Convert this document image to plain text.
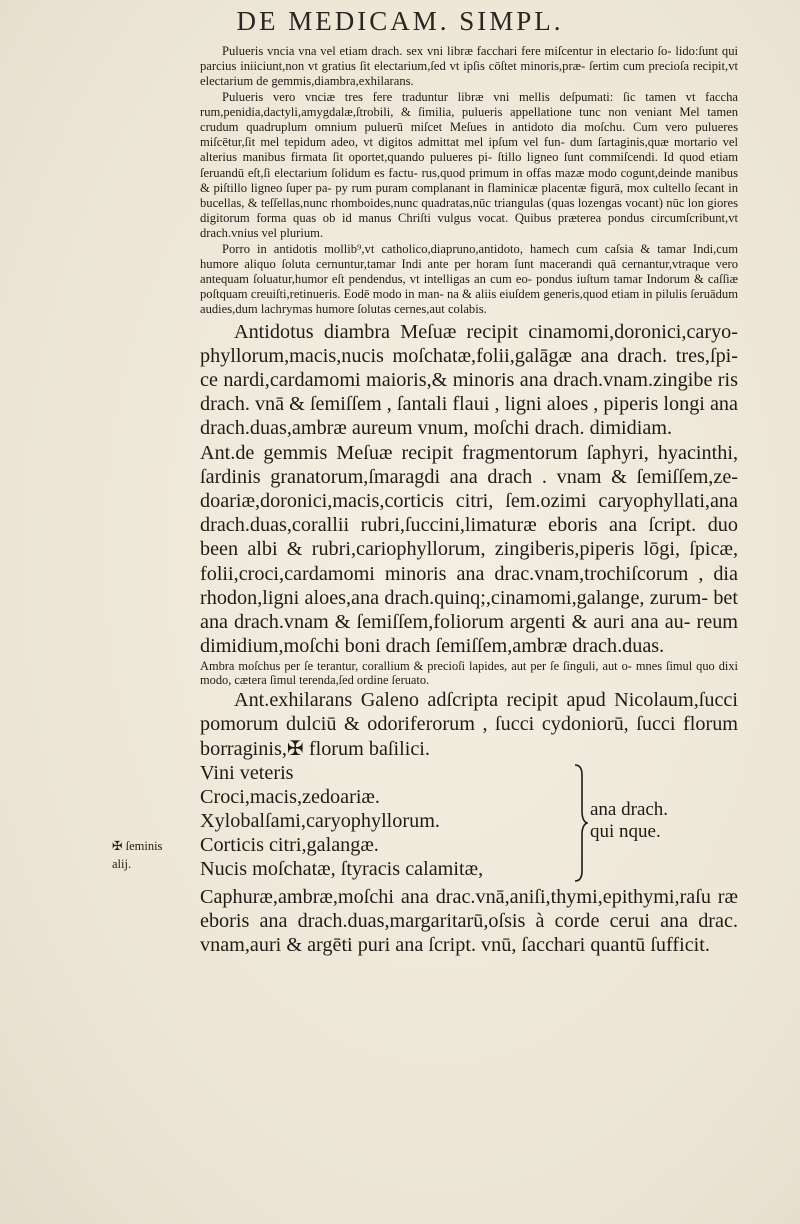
DE MEDICAM. SIMPL.
✠ ſeminis
alij.

Pulueris vncia vna vel etiam drach. sex vni libræ facchari fere miſcentur in electario ſo- lido:ſunt qui parcius iniiciunt,non vt gratius ſit electarium,ſed vt ipſis cōſtet minoris,præ- ſertim cum precioſa recipit,vt electarium de gemmis,diambra,exhilarans.

Pulueris vero vnciæ tres fere traduntur libræ vni mellis deſpumati: ſic tamen vt faccha rum,penidia,dactyli,amygdalæ,ſtrobili, & ſimilia, pulueris appellatione tunc non veniant Mel tamen crudum quadruplum omnium puluerū miſcet Meſues in antidoto dia moſchu. Cum vero pulueres miſcētur,ſit mel tepidum adeo, vt digitos admittat mel ipſum vel fun- dum ſartaginis,quæ mortario vel alterius manibus firmata ſit oportet,quando pulueres pi- ſtillo ligneo ſunt commiſcendi. Id quod etiam ſeruandū eſt,ſi electarium ſolidum es factu- rus,quod primum in offas mazæ modo cogunt,deinde manibus & piſtillo ligneo ſuper pa- py rum puram complanant in flaminicæ placentæ figurā, mox cultello ſecant in bucellas, & teſſellas,nunc rhomboides,nunc quadratas,nūc triangulas (quas lozengas vocant) nūc lon giores digitorum forma quas ob id manus Chriſti vulgus vocat. Quibus præterea pondus circumſcribunt,vt drach.vnius vel plurium.

Porro in antidotis mollib⁹,vt catholico,diapruno,antidoto, hamech cum caſsia & tamar Indi,cum humore aliquo ſoluta cernuntur,tamar Indi ante per horam ſunt macerandi quā cernantur,vtraque vero antequam ſoluatur,humor eſt pendendus, vt intelligas an cum eo- pondus iuſtum tamar Indorum & caſſiæ poſtquam creuiſti,retinueris. Eodē modo in man- na & aliis eiuſdem generis,quod etiam in pilulis ſeruādum audies,dum lachrymas humore ſolutas cernes,aut colabis.

Antidotus diambra Meſuæ recipit cinamomi,doronici,caryo- phyllorum,macis,nucis moſchatæ,folii,galāgæ ana drach. tres,ſpi- ce nardi,cardamomi maioris,& minoris ana drach.vnam.zingibe ris drach. vnā & ſemiſſem , ſantali flaui , ligni aloes , piperis longi ana drach.duas,ambræ aureum vnum, moſchi drach. dimidiam.

Ant.de gemmis Meſuæ recipit fragmentorum ſaphyri, hyacinthi, ſardinis granatorum,ſmaragdi ana drach . vnam & ſemiſſem,ze- doariæ,doronici,macis,corticis citri, ſem.ozimi caryophyllati,ana drach.duas,corallii rubri,ſuccini,limaturæ eboris ana ſcript. duo been albi & rubri,cariophyllorum, zingiberis,piperis lōgi, ſpicæ, folii,croci,cardamomi minoris ana drac.vnam,trochiſcorum , dia rhodon,ligni aloes,ana drach.quinq;,cinamomi,galange, zurum- bet ana drach.vnam & ſemiſſem,foliorum argenti & auri ana au- reum dimidium,moſchi boni drach ſemiſſem,ambræ drach.duas.

Ambra moſchus per ſe terantur, corallium & precioſi lapides, aut per ſe ſinguli, aut o- mnes ſimul quo dixi modo, cætera ſimul terenda,ſed ordine ſeruato.

Ant.exhilarans Galeno adſcripta recipit apud Nicolaum,ſucci pomorum dulciū & odoriferorum , ſucci cydoniorū, ſucci florum borraginis,✠ florum baſilici.

Vini veteris
Croci,macis,zedoariæ.
Xylobalſami,caryophyllorum.
Corticis citri,galangæ.
Nucis moſchatæ, ſtyracis calamitæ,
ana drach.
qui nque.

Caphuræ,ambræ,moſchi ana drac.vnā,aniſi,thymi,epithymi,raſu ræ eboris ana drach.duas,margaritarū,oſsis à corde cerui ana drac. vnam,auri & argēti puri ana ſcript. vnū, ſacchari quantū ſufficit.
